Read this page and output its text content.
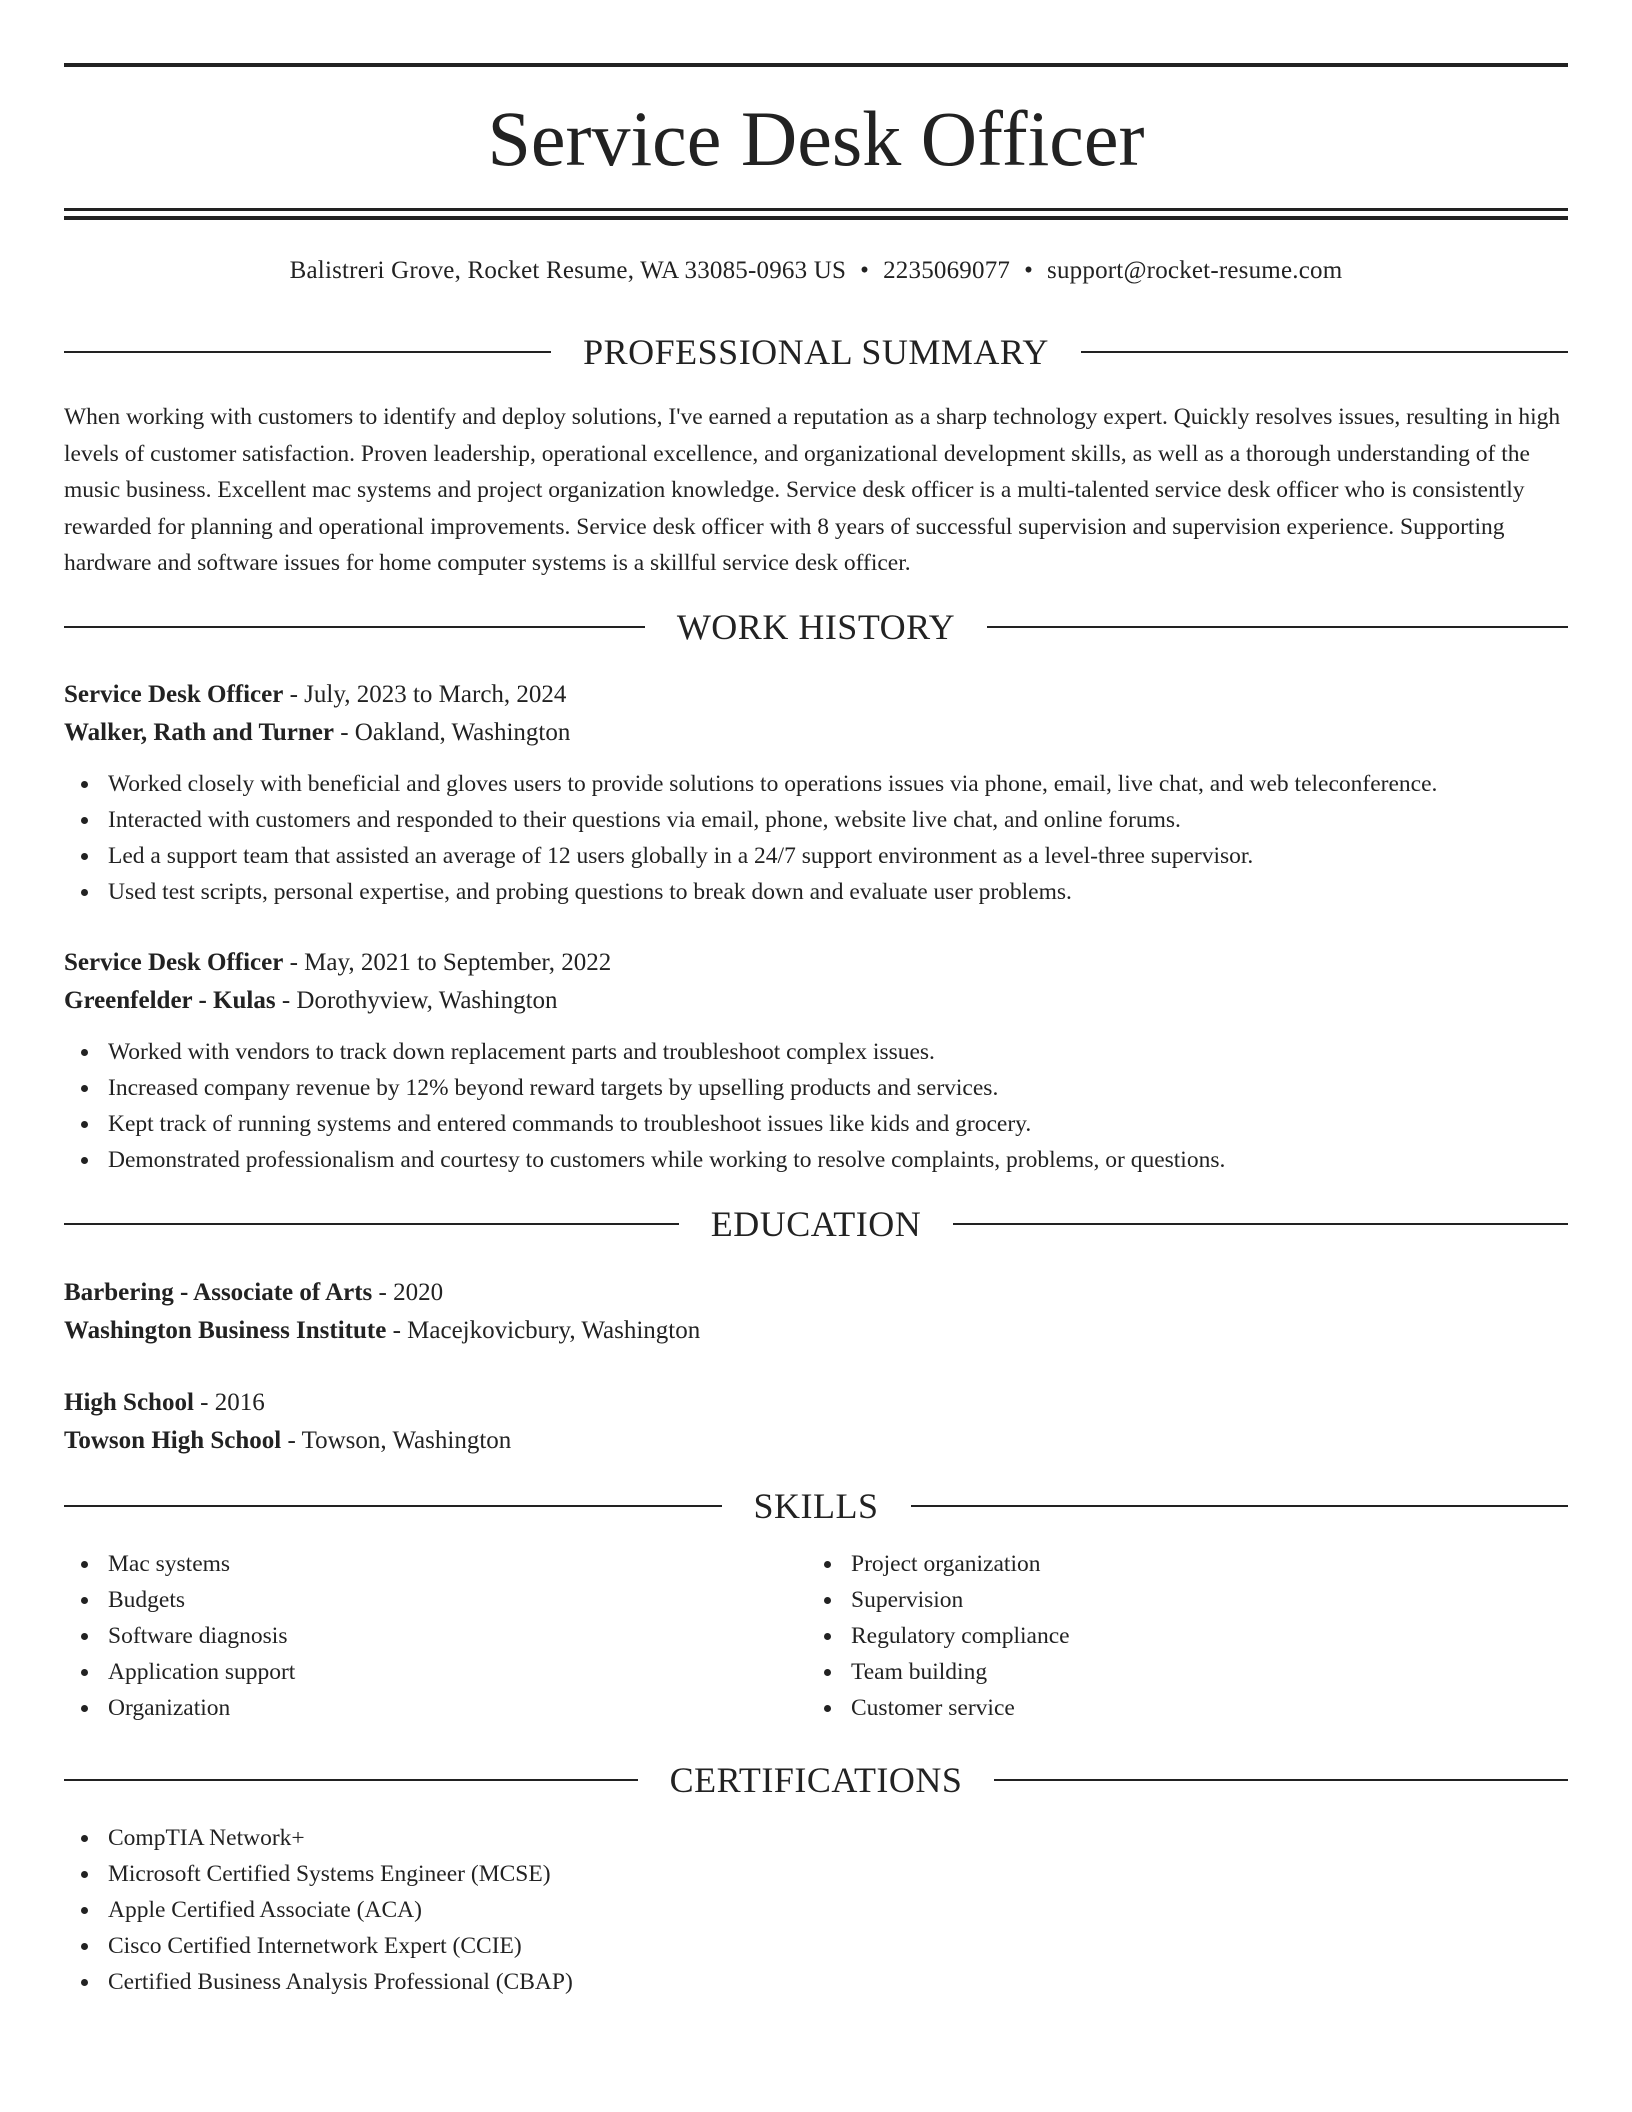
Service Desk Officer
Balistreri Grove, Rocket Resume, WA 33085-0963 US • 2235069077 • support@rocket-resume.com
PROFESSIONAL SUMMARY

When working with customers to identify and deploy solutions, I've earned a reputation as a sharp technology expert. Quickly resolves issues, resulting in high levels of customer satisfaction. Proven leadership, operational excellence, and organizational development skills, as well as a thorough understanding of the music business. Excellent mac systems and project organization knowledge. Service desk officer is a multi-talented service desk officer who is consistently rewarded for planning and operational improvements. Service desk officer with 8 years of successful supervision and supervision experience. Supporting hardware and software issues for home computer systems is a skillful service desk officer.

WORK HISTORY
Service Desk Officer - July, 2023 to March, 2024
Walker, Rath and Turner - Oakland, Washington
Worked closely with beneficial and gloves users to provide solutions to operations issues via phone, email, live chat, and web teleconference.
Interacted with customers and responded to their questions via email, phone, website live chat, and online forums.
Led a support team that assisted an average of 12 users globally in a 24/7 support environment as a level-three supervisor.
Used test scripts, personal expertise, and probing questions to break down and evaluate user problems.
Service Desk Officer - May, 2021 to September, 2022
Greenfelder - Kulas - Dorothyview, Washington
Worked with vendors to track down replacement parts and troubleshoot complex issues.
Increased company revenue by 12% beyond reward targets by upselling products and services.
Kept track of running systems and entered commands to troubleshoot issues like kids and grocery.
Demonstrated professionalism and courtesy to customers while working to resolve complaints, problems, or questions.
EDUCATION
Barbering - Associate of Arts - 2020
Washington Business Institute - Macejkovicbury, Washington
High School - 2016
Towson High School - Towson, Washington
SKILLS
Mac systems
Budgets
Software diagnosis
Application support
Organization
Project organization
Supervision
Regulatory compliance
Team building
Customer service
CERTIFICATIONS
CompTIA Network+
Microsoft Certified Systems Engineer (MCSE)
Apple Certified Associate (ACA)
Cisco Certified Internetwork Expert (CCIE)
Certified Business Analysis Professional (CBAP)
